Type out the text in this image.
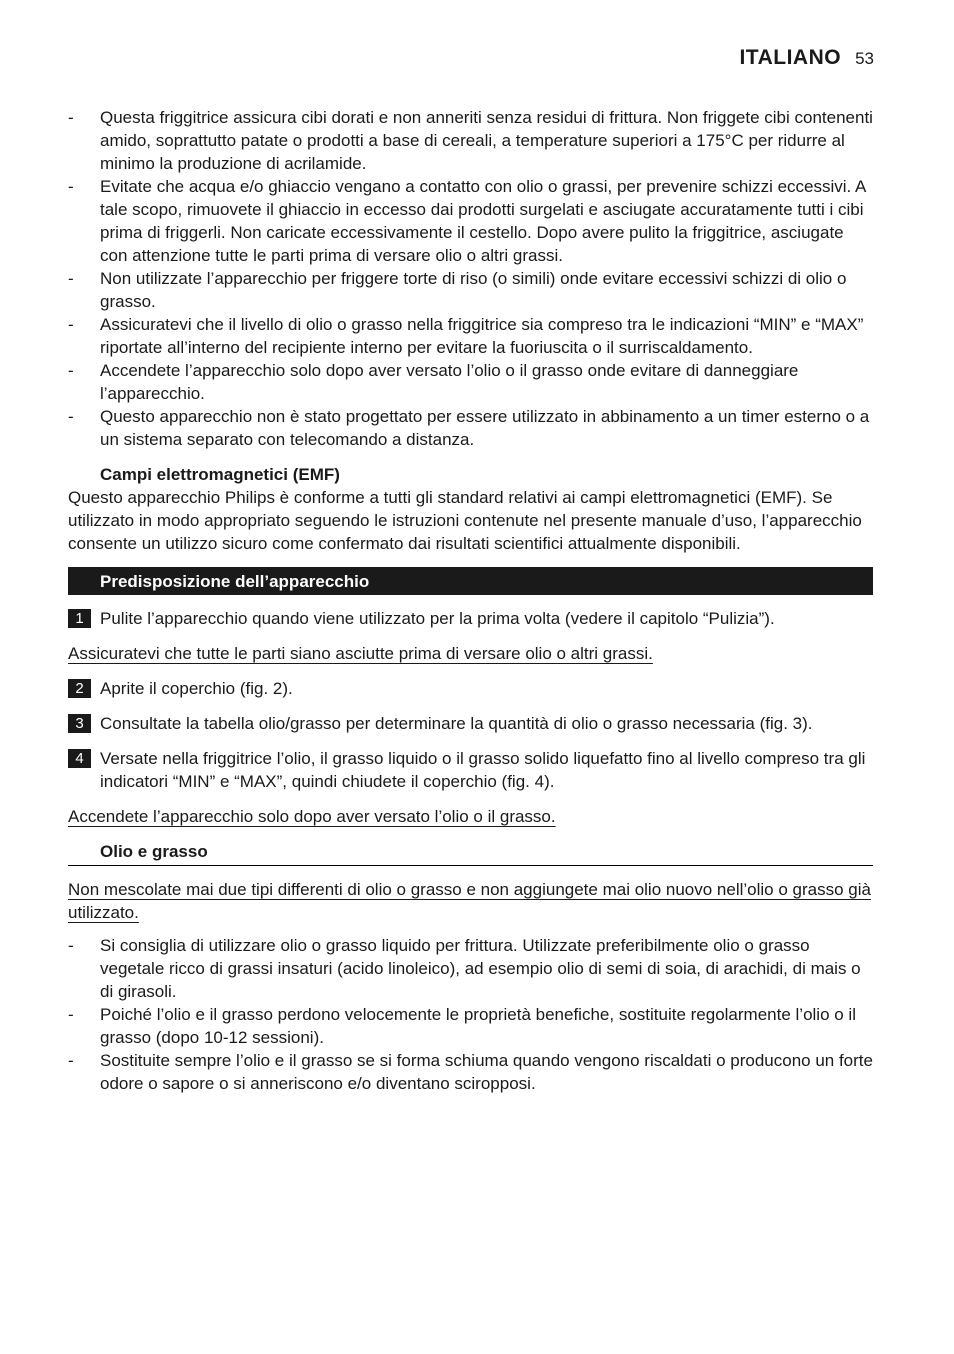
ITALIANO 53
- Questa friggitrice assicura cibi dorati e non anneriti senza residui di frittura. Non friggete cibi contenenti amido, soprattutto patate o prodotti a base di cereali, a temperature superiori a 175°C per ridurre al minimo la produzione di acrilamide.
- Evitate che acqua e/o ghiaccio vengano a contatto con olio o grassi, per prevenire schizzi eccessivi. A tale scopo, rimuovete il ghiaccio in eccesso dai prodotti surgelati e asciugate accuratamente tutti i cibi prima di friggerli. Non caricate eccessivamente il cestello. Dopo avere pulito la friggitrice, asciugate con attenzione tutte le parti prima di versare olio o altri grassi.
- Non utilizzate l’apparecchio per friggere torte di riso (o simili) onde evitare eccessivi schizzi di olio o grasso.
- Assicuratevi che il livello di olio o grasso nella friggitrice sia compreso tra le indicazioni “MIN” e “MAX” riportate all’interno del recipiente interno per evitare la fuoriuscita o il surriscaldamento.
- Accendete l’apparecchio solo dopo aver versato l’olio o il grasso onde evitare di danneggiare l’apparecchio.
- Questo apparecchio non è stato progettato per essere utilizzato in abbinamento a un timer esterno o a un sistema separato con telecomando a distanza.
Campi elettromagnetici (EMF)
Questo apparecchio Philips è conforme a tutti gli standard relativi ai campi elettromagnetici (EMF). Se utilizzato in modo appropriato seguendo le istruzioni contenute nel presente manuale d’uso, l’apparecchio consente un utilizzo sicuro come confermato dai risultati scientifici attualmente disponibili.
Predisposizione dell’apparecchio
1 Pulite l’apparecchio quando viene utilizzato per la prima volta (vedere il capitolo “Pulizia”).
Assicuratevi che tutte le parti siano asciutte prima di versare olio o altri grassi.
2 Aprite il coperchio (fig. 2).
3 Consultate la tabella olio/grasso per determinare la quantità di olio o grasso necessaria (fig. 3).
4 Versate nella friggitrice l’olio, il grasso liquido o il grasso solido liquefatto fino al livello compreso tra gli indicatori “MIN” e “MAX”, quindi chiudete il coperchio (fig. 4).
Accendete l’apparecchio solo dopo aver versato l’olio o il grasso.
Olio e grasso
Non mescolate mai due tipi differenti di olio o grasso e non aggiungete mai olio nuovo nell’olio o grasso già utilizzato.
- Si consiglia di utilizzare olio o grasso liquido per frittura. Utilizzate preferibilmente olio o grasso vegetale ricco di grassi insaturi (acido linoleico), ad esempio olio di semi di soia, di arachidi, di mais o di girasoli.
- Poiché l’olio e il grasso perdono velocemente le proprietà benefiche, sostituite regolarmente l’olio o il grasso (dopo 10-12 sessioni).
- Sostituite sempre l’olio e il grasso se si forma schiuma quando vengono riscaldati o producono un forte odore o sapore o si anneriscono e/o diventano sciropposi.
